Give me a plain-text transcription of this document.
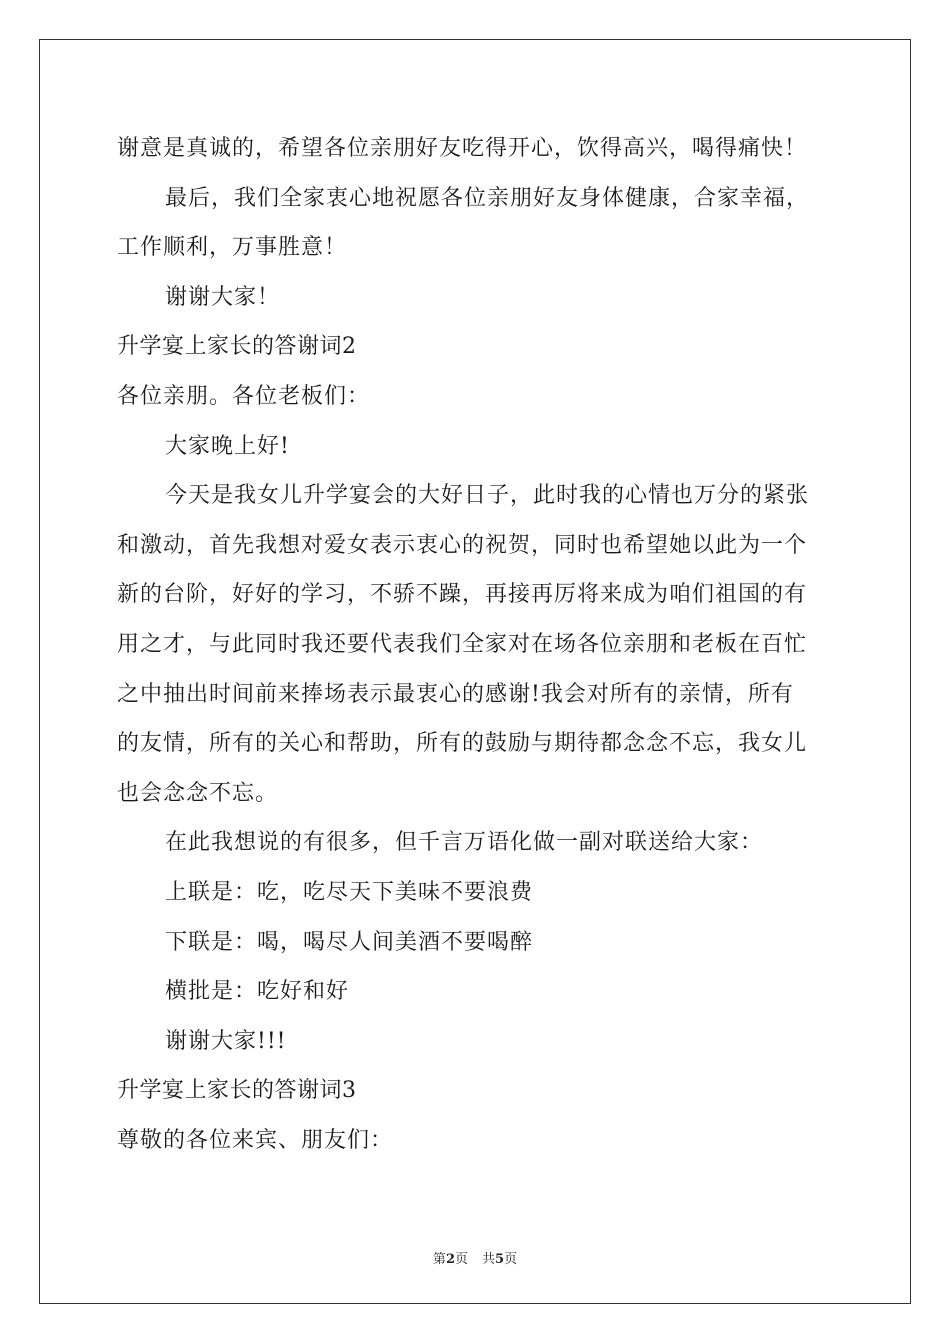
谢意是真诚的，希望各位亲朋好友吃得开心，饮得高兴，喝得痛快！
最后，我们全家衷心地祝愿各位亲朋好友身体健康，合家幸福，
工作顺利，万事胜意！
谢谢大家！
升学宴上家长的答谢词2
各位亲朋。各位老板们：
大家晚上好!
今天是我女儿升学宴会的大好日子，此时我的心情也万分的紧张
和激动，首先我想对爱女表示衷心的祝贺，同时也希望她以此为一个
新的台阶，好好的学习，不骄不躁，再接再厉将来成为咱们祖国的有
用之才，与此同时我还要代表我们全家对在场各位亲朋和老板在百忙
之中抽出时间前来捧场表示最衷心的感谢!我会对所有的亲情，所有
的友情，所有的关心和帮助，所有的鼓励与期待都念念不忘，我女儿
也会念念不忘。
在此我想说的有很多，但千言万语化做一副对联送给大家：
上联是：吃，吃尽天下美味不要浪费
下联是：喝，喝尽人间美酒不要喝醉
横批是：吃好和好
谢谢大家!!!
升学宴上家长的答谢词3
尊敬的各位来宾、朋友们：
第2页 共5页
